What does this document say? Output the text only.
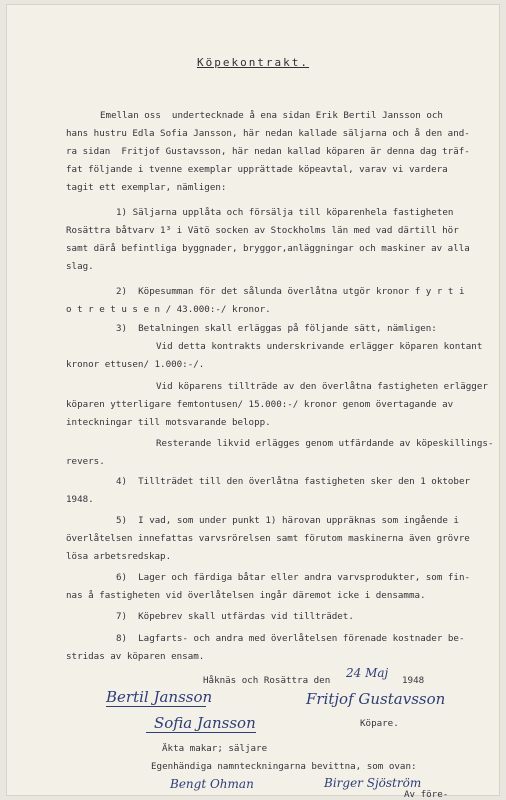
Köpekontrakt.
Emellan oss  undertecknade å ena sidan Erik Bertil Jansson och
hans hustru Edla Sofia Jansson, här nedan kallade säljarna och å den and-
ra sidan  Fritjof Gustavsson, här nedan kallad köparen är denna dag träf-
fat följande i tvenne exemplar upprättade köpeavtal, varav vi vardera
tagit ett exemplar, nämligen:
1) Säljarna upplåta och försälja till köparenhela fastigheten
Rosättra båtvarv 1³ i Vätö socken av Stockholms län med vad därtill hör
samt därå befintliga byggnader, bryggor,anläggningar och maskiner av alla
slag.
2)  Köpesumman för det sålunda överlåtna utgör kronor f y r t i
o t r e t u s e n / 43.000:-/ kronor.
3)  Betalningen skall erläggas på följande sätt, nämligen:
Vid detta kontrakts underskrivande erlägger köparen kontant
kronor ettusen/ 1.000:-/.
Vid köparens tillträde av den överlåtna fastigheten erlägger
köparen ytterligare femtontusen/ 15.000:-/ kronor genom övertagande av
inteckningar till motsvarande belopp.
Resterande likvid erlägges genom utfärdande av köpeskillings-
revers.
4)  Tillträdet till den överlåtna fastigheten sker den 1 oktober
1948.
5)  I vad, som under punkt 1) härovan uppräknas som ingående i
överlåtelsen innefattas varvsrörelsen samt förutom maskinerna även grövre
lösa arbetsredskap.
6)  Lager och färdiga båtar eller andra varvsprodukter, som fin-
nas å fastigheten vid överlåtelsen ingår däremot icke i densamma.
7)  Köpebrev skall utfärdas vid tillträdet.
8)  Lagfarts- och andra med överlåtelsen förenade kostnader be-
stridas av köparen ensam.
Håknäs och Rosättra den
24 Maj
1948
Bertil Jansson	Fritjof Gustavsson
Sofia Jansson	Köpare.
Äkta makar; säljare
Egenhändiga namnteckningarna bevittna, som ovan:
Bengt Ohman	Birger Sjöström
Av före-
